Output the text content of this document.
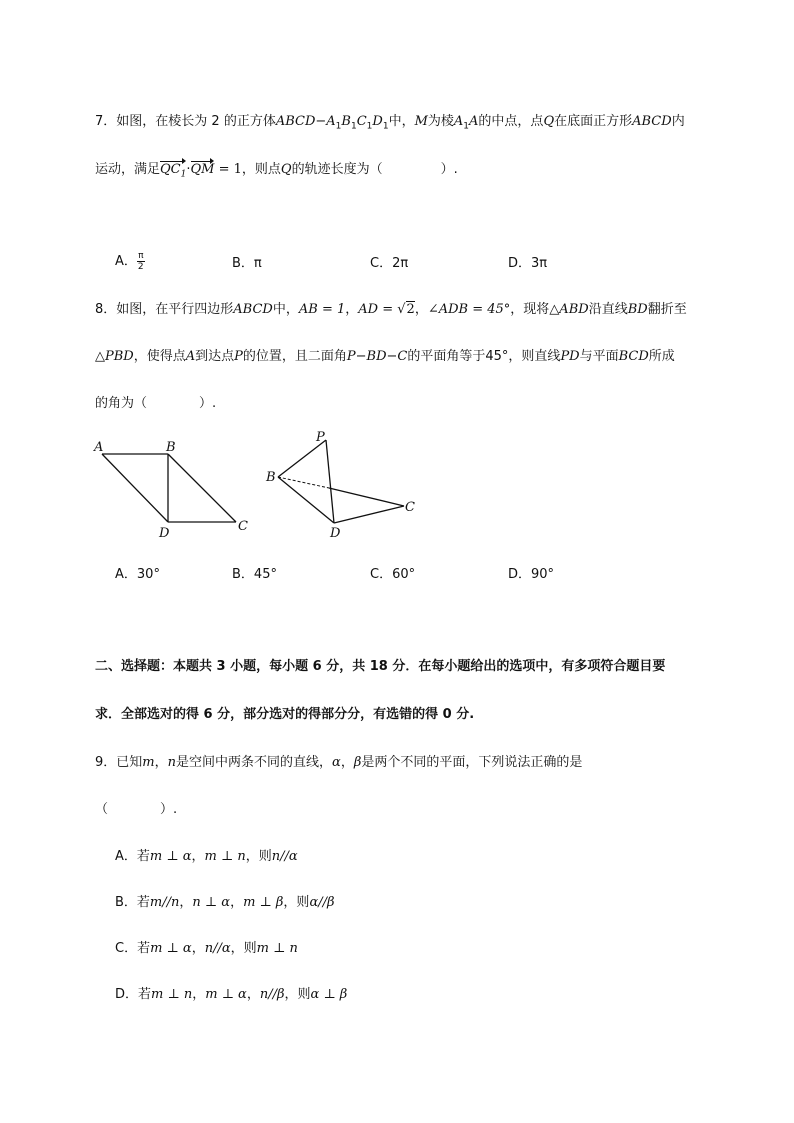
7．如图，在棱长为 2 的正方体$ABCD-A_1B_1C_1D_1$中，M为棱$A_1A$的中点，点Q在底面正方形ABCD内
运动，满足$QC_1\cdot QM = 1$，则点Q的轨迹长度为（	）.
A． $\frac{\pi}{2}$	B．π	C．2π	D．3π
8．如图，在平行四边形ABCD中，AB = 1，AD = √2，∠ADB = 45°，现将△ABD沿直线BD翻折至
△PBD，使得点A到达点P的位置，且二面角P−BD−C的平面角等于45°，则直线PD与平面BCD所成
的角为（	）.
A	B
C
D
P
B
C
D
A．30°	B．45°	C．60°	D．90°
二、选择题：本题共 3 小题，每小题 6 分，共 18 分．在每小题给出的选项中，有多项符合题目要
求．全部选对的得 6 分，部分选对的得部分分，有选错的得 0 分.
9．已知m，n是空间中两条不同的直线，α，β是两个不同的平面，下列说法正确的是
（	）.
A．若m ⊥ α，m ⊥ n，则n//α
B．若m//n，n ⊥ α，m ⊥ β，则α//β
C．若m ⊥ α，n//α，则m ⊥ n
D．若m ⊥ n，m ⊥ α，n//β，则α ⊥ β
